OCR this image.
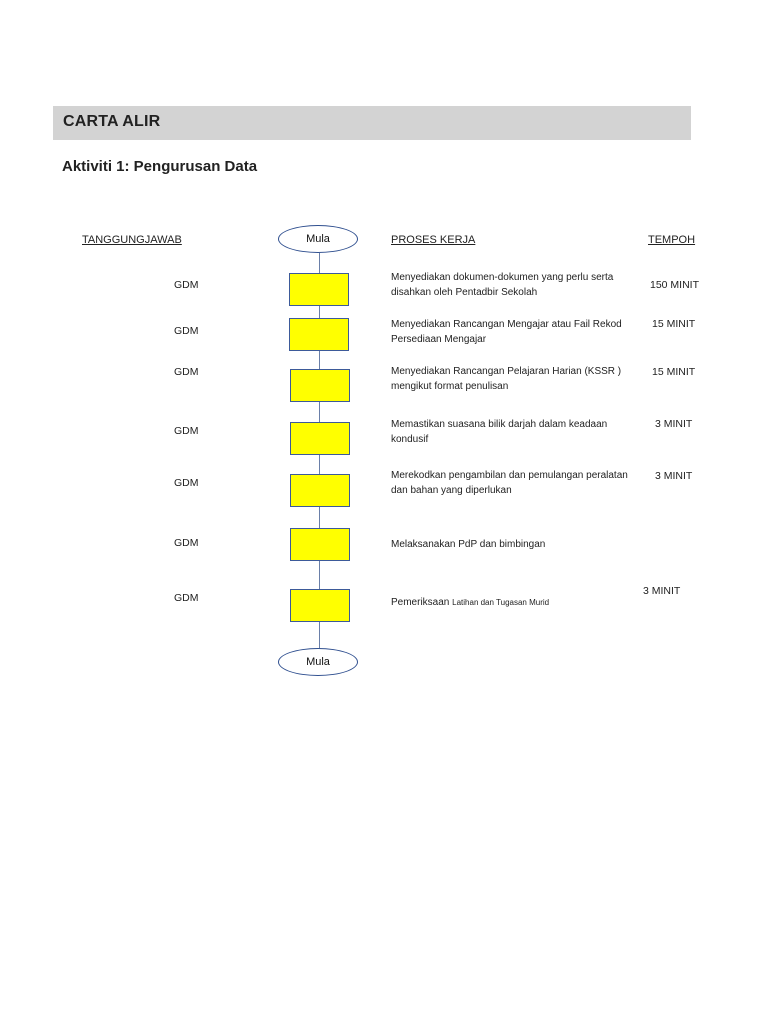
CARTA ALIR
Aktiviti 1: Pengurusan Data
TANGGUNGJAWAB	PROSES KERJA	TEMPOH
Mula
Mula
GDM
GDM
GDM
GDM
GDM
GDM
GDM
Menyediakan dokumen-dokumen yang perlu serta disahkan oleh Pentadbir Sekolah
Menyediakan Rancangan Mengajar atau Fail Rekod Persediaan Mengajar
Menyediakan Rancangan Pelajaran Harian (KSSR ) mengikut format penulisan
Memastikan suasana bilik darjah dalam keadaan kondusif
Merekodkan pengambilan dan pemulangan peralatan dan bahan yang diperlukan
Melaksanakan PdP dan bimbingan
Pemeriksaan Latihan dan Tugasan Murid
150 MINIT
15 MINIT
15 MINIT
3 MINIT
3 MINIT
3 MINIT
